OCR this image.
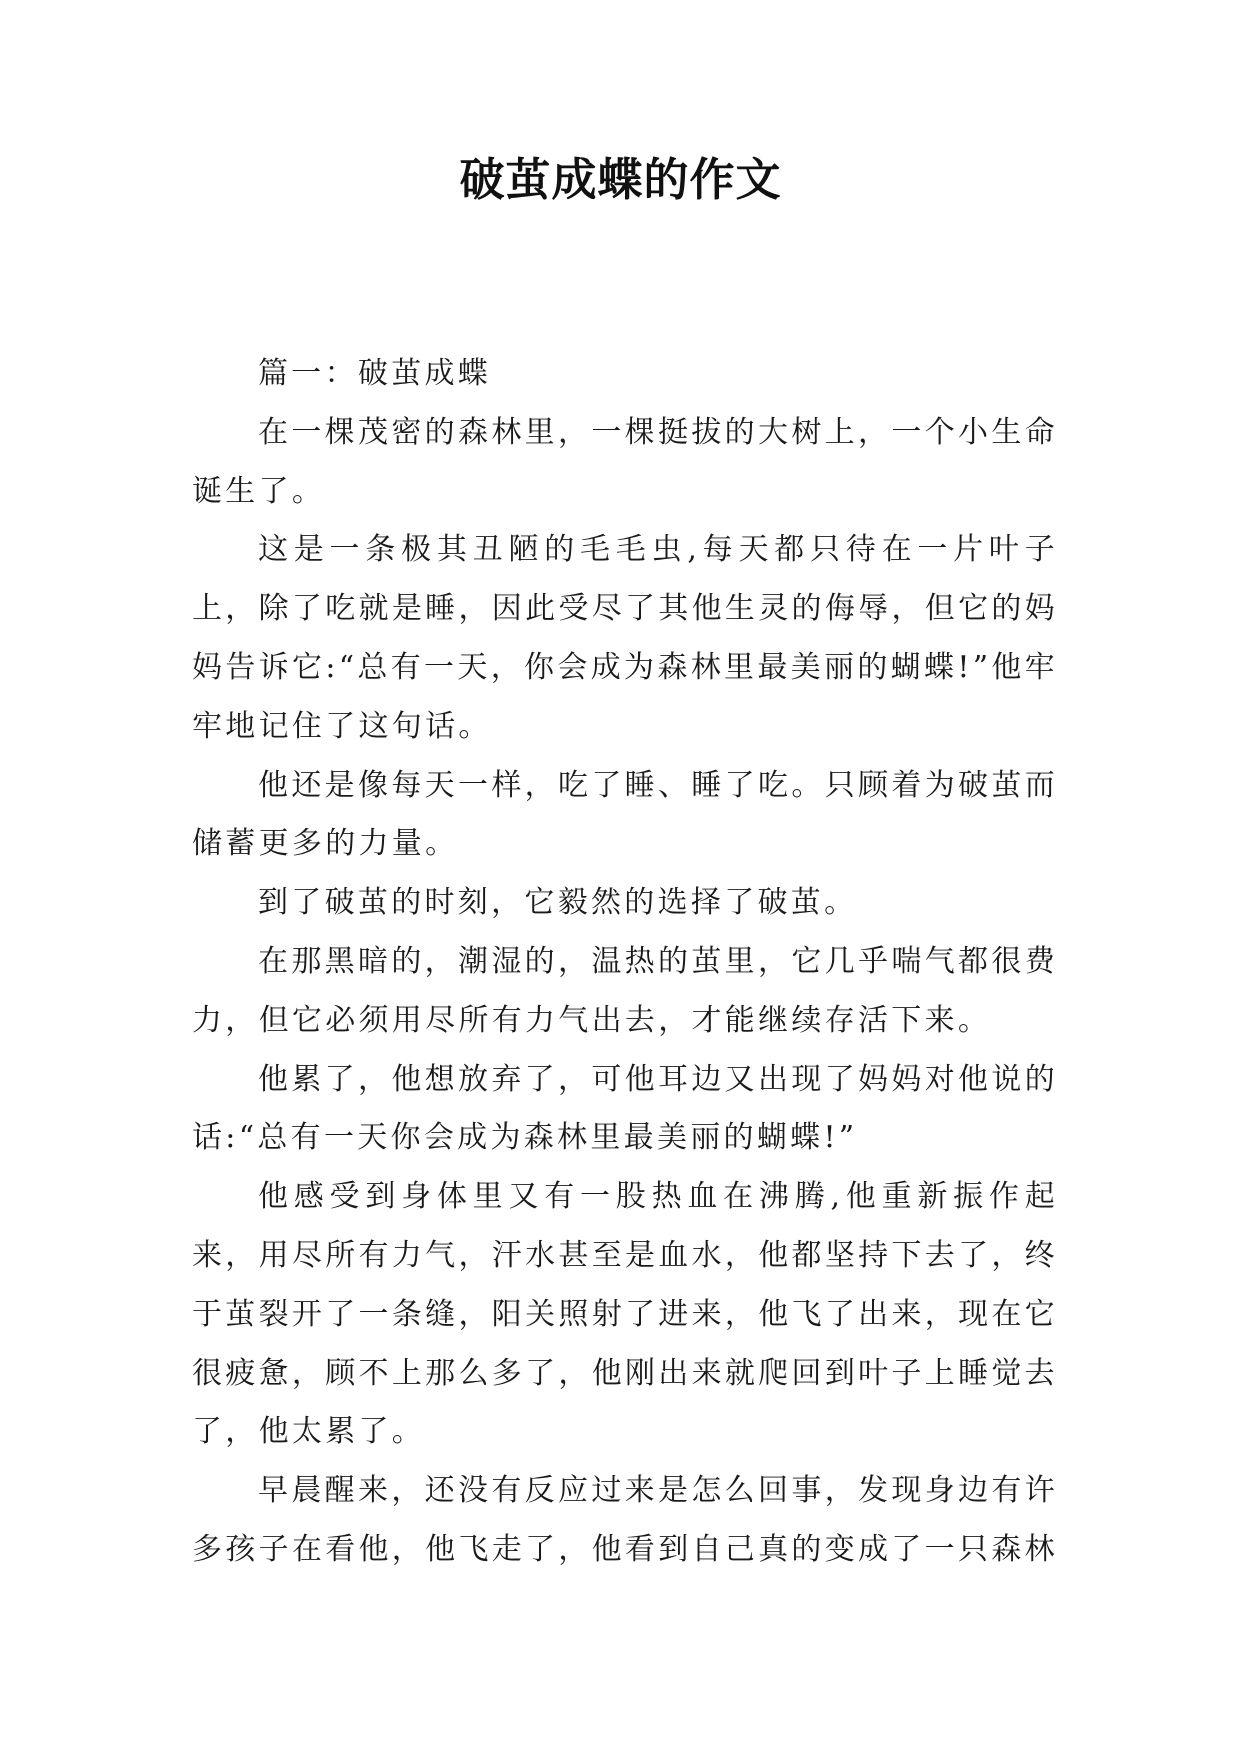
破茧成蝶的作文

篇一：破茧成蝶

在一棵茂密的森林里，一棵挺拔的大树上，一个小生命诞生了。

这是一条极其丑陋的毛毛虫,每天都只待在一片叶子上，除了吃就是睡，因此受尽了其他生灵的侮辱，但它的妈妈告诉它:“总有一天，你会成为森林里最美丽的蝴蝶!”他牢牢地记住了这句话。

他还是像每天一样，吃了睡、睡了吃。只顾着为破茧而储蓄更多的力量。

到了破茧的时刻，它毅然的选择了破茧。

在那黑暗的，潮湿的，温热的茧里，它几乎喘气都很费力，但它必须用尽所有力气出去，才能继续存活下来。

他累了，他想放弃了，可他耳边又出现了妈妈对他说的话:“总有一天你会成为森林里最美丽的蝴蝶!”

他感受到身体里又有一股热血在沸腾,他重新振作起来，用尽所有力气，汗水甚至是血水，他都坚持下去了，终于茧裂开了一条缝，阳关照射了进来，他飞了出来，现在它很疲惫，顾不上那么多了，他刚出来就爬回到叶子上睡觉去了，他太累了。

早晨醒来，还没有反应过来是怎么回事，发现身边有许多孩子在看他，他飞走了，他看到自己真的变成了一只森林
